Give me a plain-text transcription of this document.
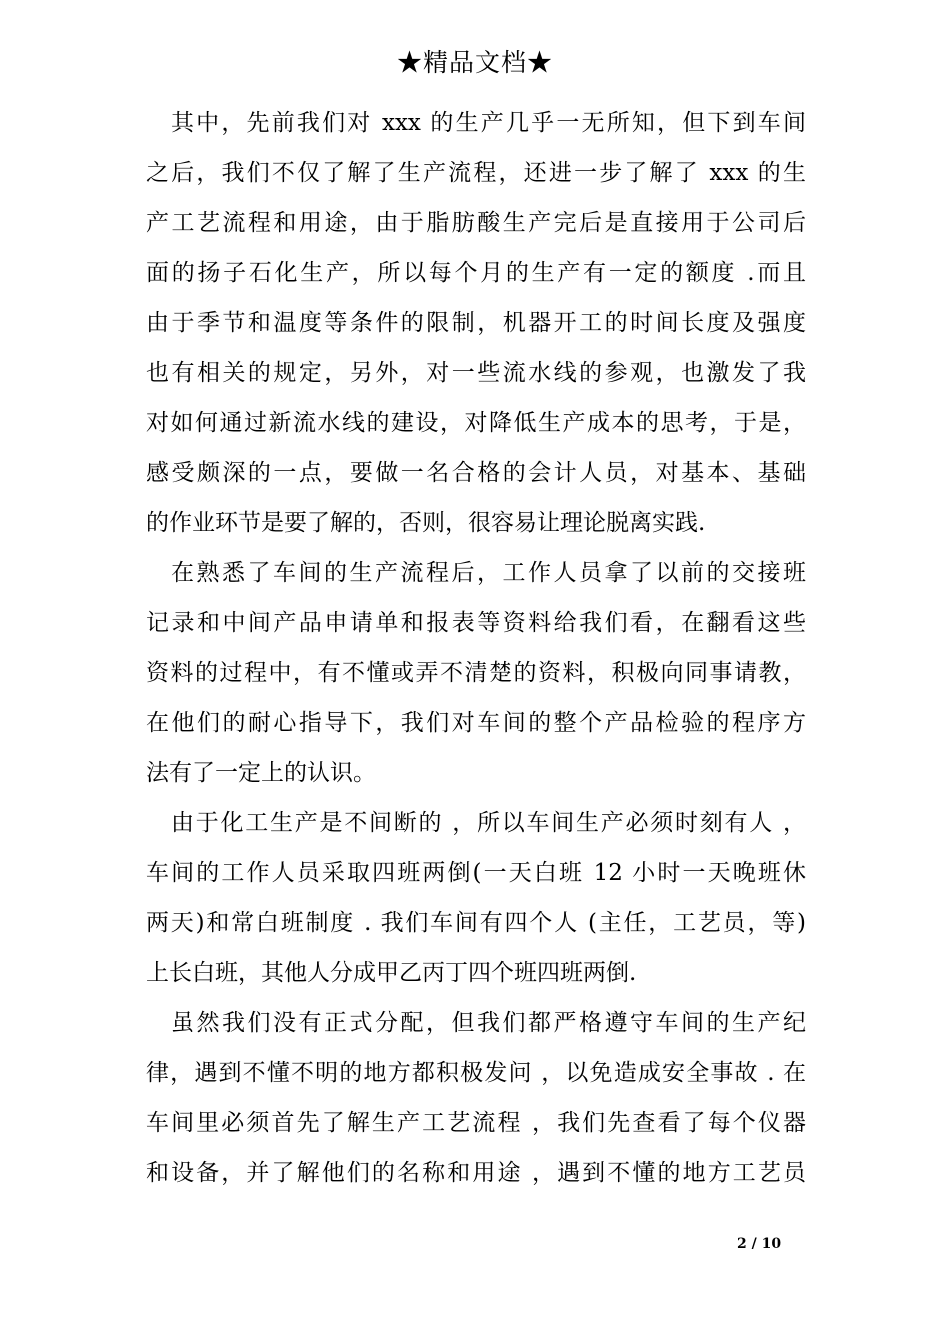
★精品文档★
其中，先前我们对 xxx 的生产几乎一无所知，但下到车间
之后，我们不仅了解了生产流程，还进一步了解了 xxx 的生
产工艺流程和用途，由于脂肪酸生产完后是直接用于公司后
面的扬子石化生产，所以每个月的生产有一定的额度 .而且
由于季节和温度等条件的限制，机器开工的时间长度及强度
也有相关的规定，另外，对一些流水线的参观，也激发了我
对如何通过新流水线的建设，对降低生产成本的思考，于是，
感受颇深的一点，要做一名合格的会计人员，对基本、基础
的作业环节是要了解的，否则，很容易让理论脱离实践.
在熟悉了车间的生产流程后，工作人员拿了以前的交接班
记录和中间产品申请单和报表等资料给我们看，在翻看这些
资料的过程中，有不懂或弄不清楚的资料，积极向同事请教，
在他们的耐心指导下，我们对车间的整个产品检验的程序方
法有了一定上的认识。
由于化工生产是不间断的 ，所以车间生产必须时刻有人 ，
车间的工作人员采取四班两倒(一天白班 12 小时一天晚班休
两天)和常白班制度 . 我们车间有四个人 (主任，工艺员，等)
上长白班，其他人分成甲乙丙丁四个班四班两倒.
虽然我们没有正式分配，但我们都严格遵守车间的生产纪
律，遇到不懂不明的地方都积极发问 ，以免造成安全事故 . 在
车间里必须首先了解生产工艺流程 ，我们先查看了每个仪器
和设备，并了解他们的名称和用途 ，遇到不懂的地方工艺员
2 / 10
